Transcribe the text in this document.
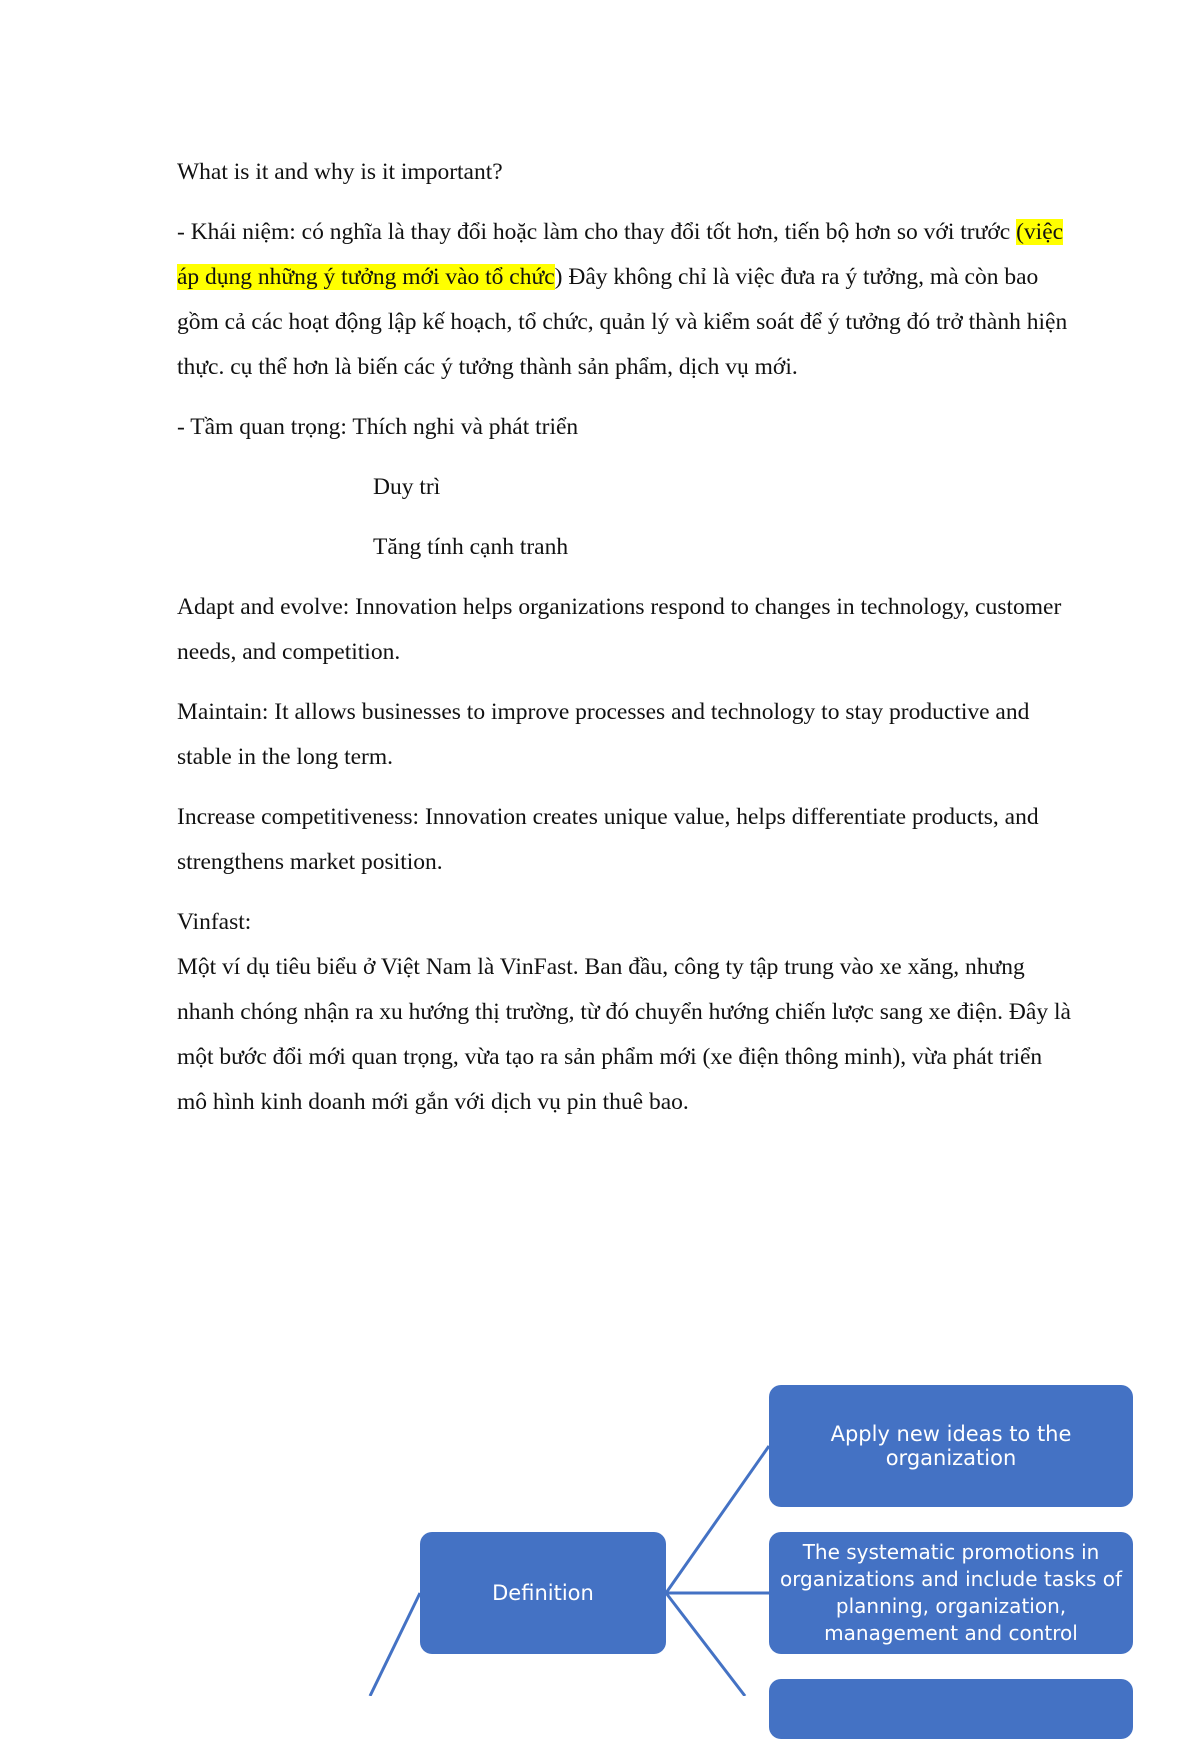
What is it and why is it important?

- Khái niệm: có nghĩa là thay đổi hoặc làm cho thay đổi tốt hơn, tiến bộ hơn so với trước (việc áp dụng những ý tưởng mới vào tổ chức) Đây không chỉ là việc đưa ra ý tưởng, mà còn bao gồm cả các hoạt động lập kế hoạch, tổ chức, quản lý và kiểm soát để ý tưởng đó trở thành hiện thực. cụ thể hơn là biến các ý tưởng thành sản phẩm, dịch vụ mới.

- Tầm quan trọng: Thích nghi và phát triển

Duy trì

Tăng tính cạnh tranh

Adapt and evolve: Innovation helps organizations respond to changes in technology, customer needs, and competition.

Maintain: It allows businesses to improve processes and technology to stay productive and stable in the long term.

Increase competitiveness: Innovation creates unique value, helps differentiate products, and strengthens market position.

Vinfast:

Một ví dụ tiêu biểu ở Việt Nam là VinFast. Ban đầu, công ty tập trung vào xe xăng, nhưng nhanh chóng nhận ra xu hướng thị trường, từ đó chuyển hướng chiến lược sang xe điện. Đây là một bước đổi mới quan trọng, vừa tạo ra sản phẩm mới (xe điện thông minh), vừa phát triển mô hình kinh doanh mới gắn với dịch vụ pin thuê bao.

Apply new ideas to the organization
Definition
The systematic promotions in organizations and include tasks of planning, organization, management and control
